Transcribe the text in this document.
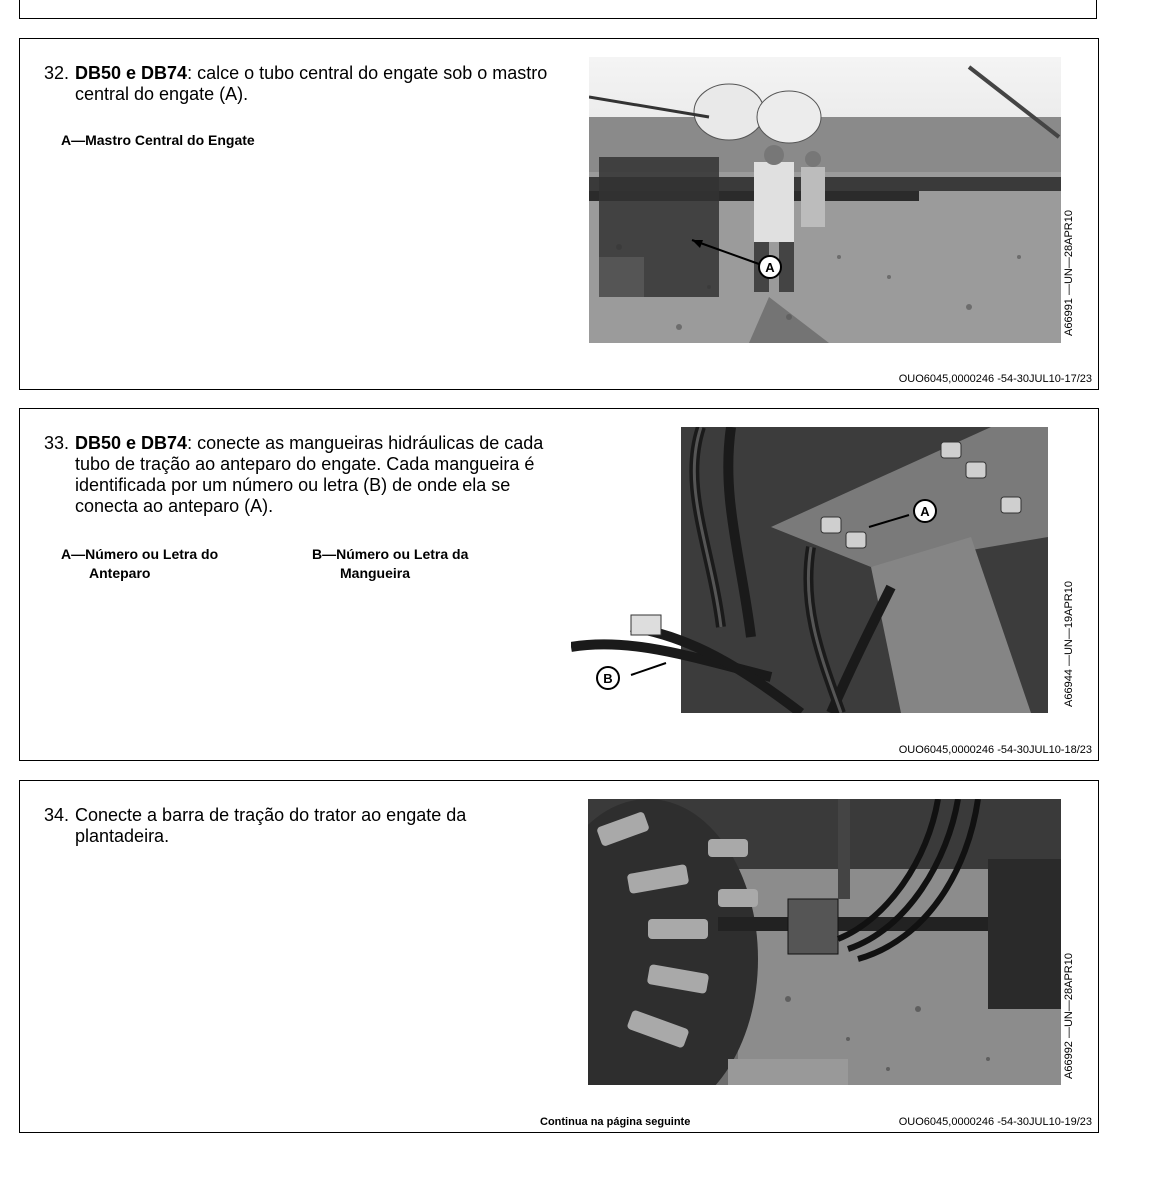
32. DB50 e DB74: calce o tubo central do engate sob o mastro central do engate (A).
A—Mastro Central do Engate
A	A66991 —UN—28APR10
OUO6045,0000246 -54-30JUL10-17/23
33. DB50 e DB74: conecte as mangueiras hidráulicas de cada tubo de tração ao anteparo do engate. Cada mangueira é identificada por um número ou letra (B) de onde ela se conecta ao anteparo (A).
A—Número ou Letra do
Anteparo
B—Número ou Letra da
Mangueira
A
B	A66944 —UN—19APR10
OUO6045,0000246 -54-30JUL10-18/23
34. Conecte a barra de tração do trator ao engate da plantadeira.
A66992 —UN—28APR10
Continua na página seguinte	OUO6045,0000246 -54-30JUL10-19/23
